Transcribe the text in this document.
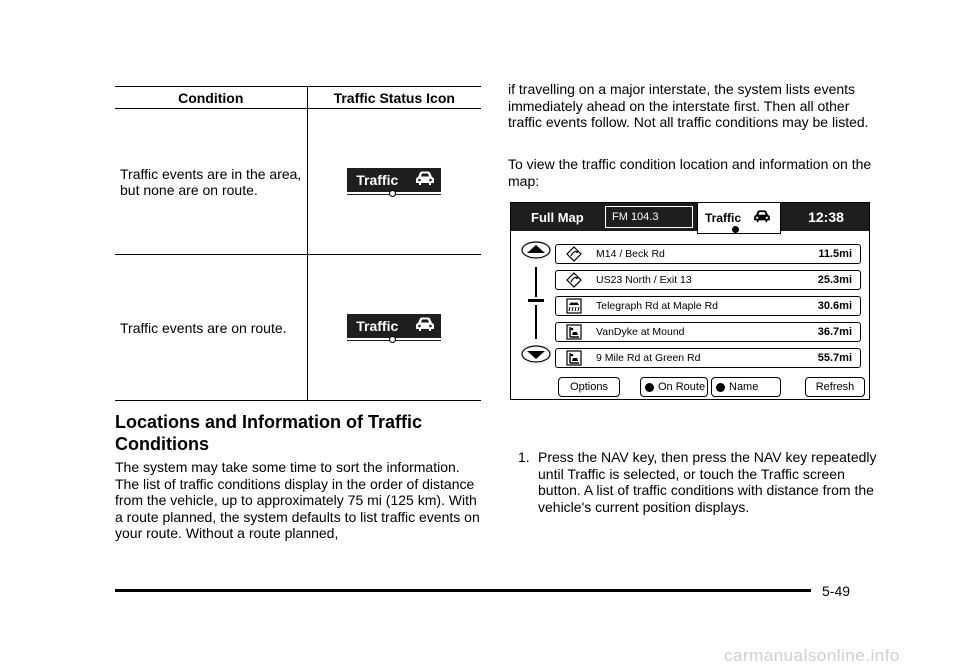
Condition	Traffic Status Icon
Traffic events are in the area, but none are on route.	Traffic

Traffic events are on route.	Traffic
Locations and Information of Traffic Conditions
The system may take some time to sort the information. The list of traffic conditions display in the order of distance from the vehicle, up to approximately 75 mi (125 km). With a route planned, the system defaults to list traffic events on your route. Without a route planned,
if travelling on a major interstate, the system lists events immediately ahead on the interstate first. Then all other traffic events follow. Not all traffic conditions may be listed.
To view the traffic condition location and information on the map:
Full Map	FM 104.3	Traffic	12:38
M14 / Beck Rd	11.5mi
US23 North / Exit 13	25.3mi
Telegraph Rd at Maple Rd	30.6mi
VanDyke at Mound	36.7mi
9 Mile Rd at Green Rd	55.7mi
Options	On Route Name	Refresh
1. Press the NAV key, then press the NAV key repeatedly until Traffic is selected, or touch the Traffic screen button. A list of traffic conditions with distance from the vehicle's current position displays.
5-49
carmanualsonline.info
